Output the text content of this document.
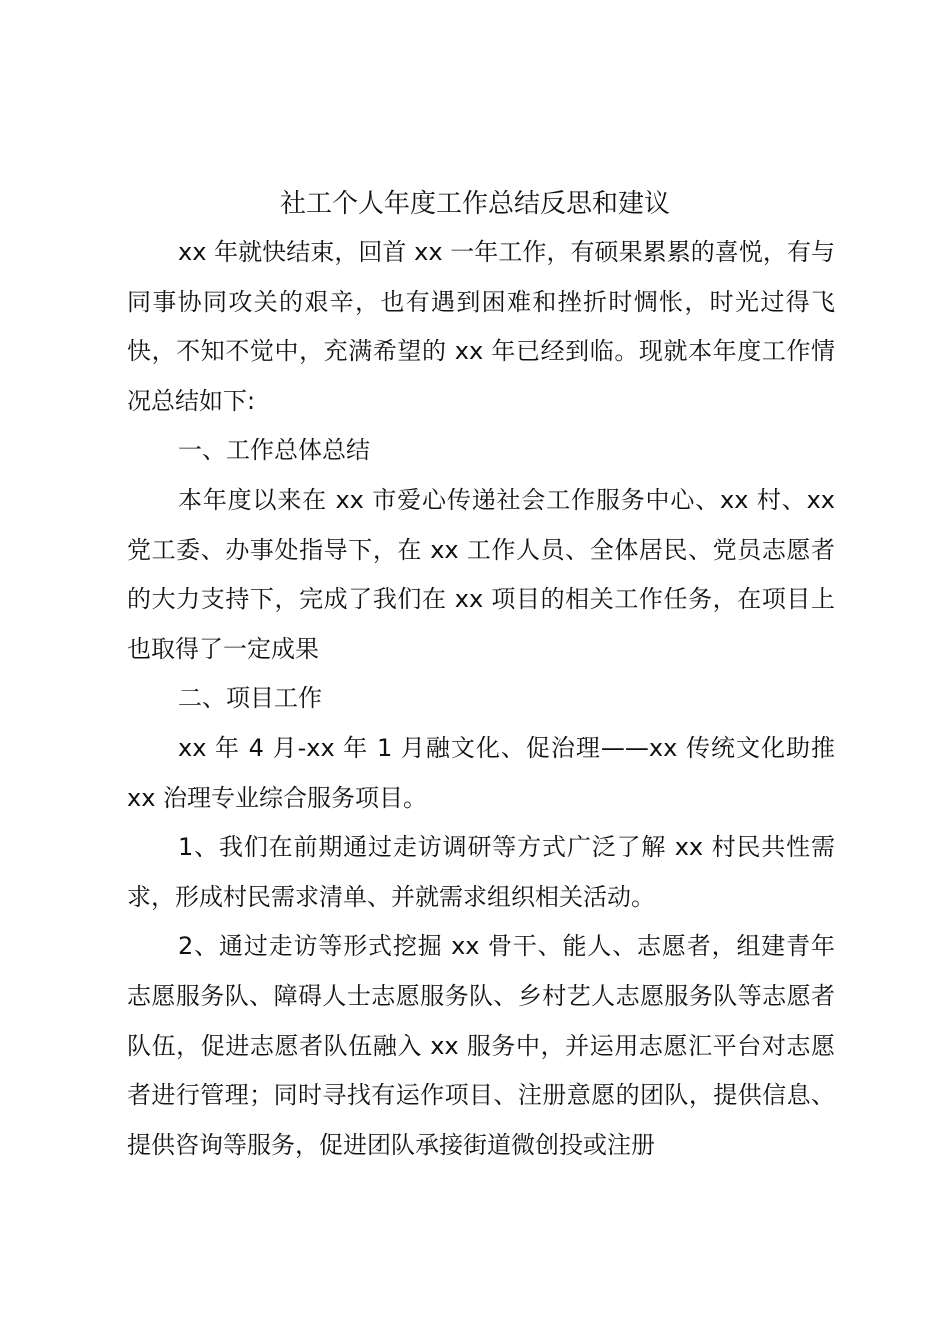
社工个人年度工作总结反思和建议

xx 年就快结束，回首 xx 一年工作，有硕果累累的喜悦，有与同事协同攻关的艰辛，也有遇到困难和挫折时惆怅，时光过得飞快，不知不觉中，充满希望的 xx 年已经到临。现就本年度工作情况总结如下:

一、工作总体总结

本年度以来在 xx 市爱心传递社会工作服务中心、xx 村、xx 党工委、办事处指导下，在 xx 工作人员、全体居民、党员志愿者的大力支持下，完成了我们在 xx 项目的相关工作任务，在项目上也取得了一定成果

二、项目工作

xx 年 4 月-xx 年 1 月融文化、促治理——xx 传统文化助推 xx 治理专业综合服务项目。

1、我们在前期通过走访调研等方式广泛了解 xx 村民共性需求，形成村民需求清单、并就需求组织相关活动。

2、通过走访等形式挖掘 xx 骨干、能人、志愿者，组建青年志愿服务队、障碍人士志愿服务队、乡村艺人志愿服务队等志愿者队伍，促进志愿者队伍融入 xx 服务中，并运用志愿汇平台对志愿者进行管理；同时寻找有运作项目、注册意愿的团队，提供信息、提供咨询等服务，促进团队承接街道微创投或注册
